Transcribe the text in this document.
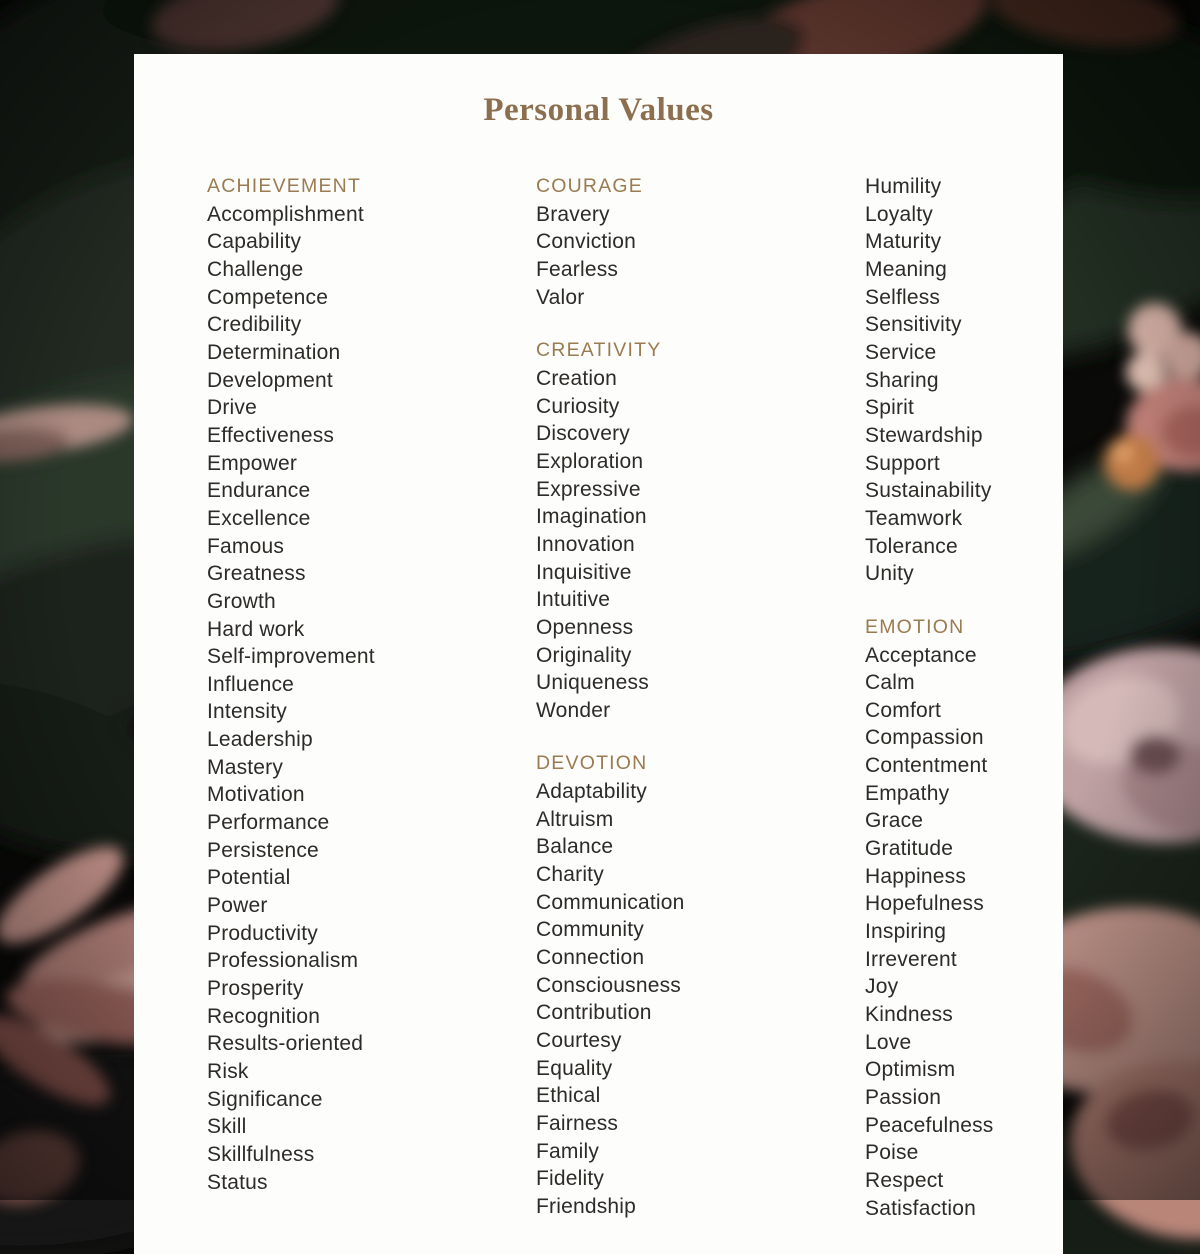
Personal Values
ACHIEVEMENT
Accomplishment
Capability
Challenge
Competence
Credibility
Determination
Development
Drive
Effectiveness
Empower
Endurance
Excellence
Famous
Greatness
Growth
Hard work
Self-improvement
Influence
Intensity
Leadership
Mastery
Motivation
Performance
Persistence
Potential
Power
Productivity
Professionalism
Prosperity
Recognition
Results-oriented
Risk
Significance
Skill
Skillfulness
Status
COURAGE
Bravery
Conviction
Fearless
Valor
CREATIVITY
Creation
Curiosity
Discovery
Exploration
Expressive
Imagination
Innovation
Inquisitive
Intuitive
Openness
Originality
Uniqueness
Wonder
DEVOTION
Adaptability
Altruism
Balance
Charity
Communication
Community
Connection
Consciousness
Contribution
Courtesy
Equality
Ethical
Fairness
Family
Fidelity
Friendship
Humility
Loyalty
Maturity
Meaning
Selfless
Sensitivity
Service
Sharing
Spirit
Stewardship
Support
Sustainability
Teamwork
Tolerance
Unity
EMOTION
Acceptance
Calm
Comfort
Compassion
Contentment
Empathy
Grace
Gratitude
Happiness
Hopefulness
Inspiring
Irreverent
Joy
Kindness
Love
Optimism
Passion
Peacefulness
Poise
Respect
Satisfaction
